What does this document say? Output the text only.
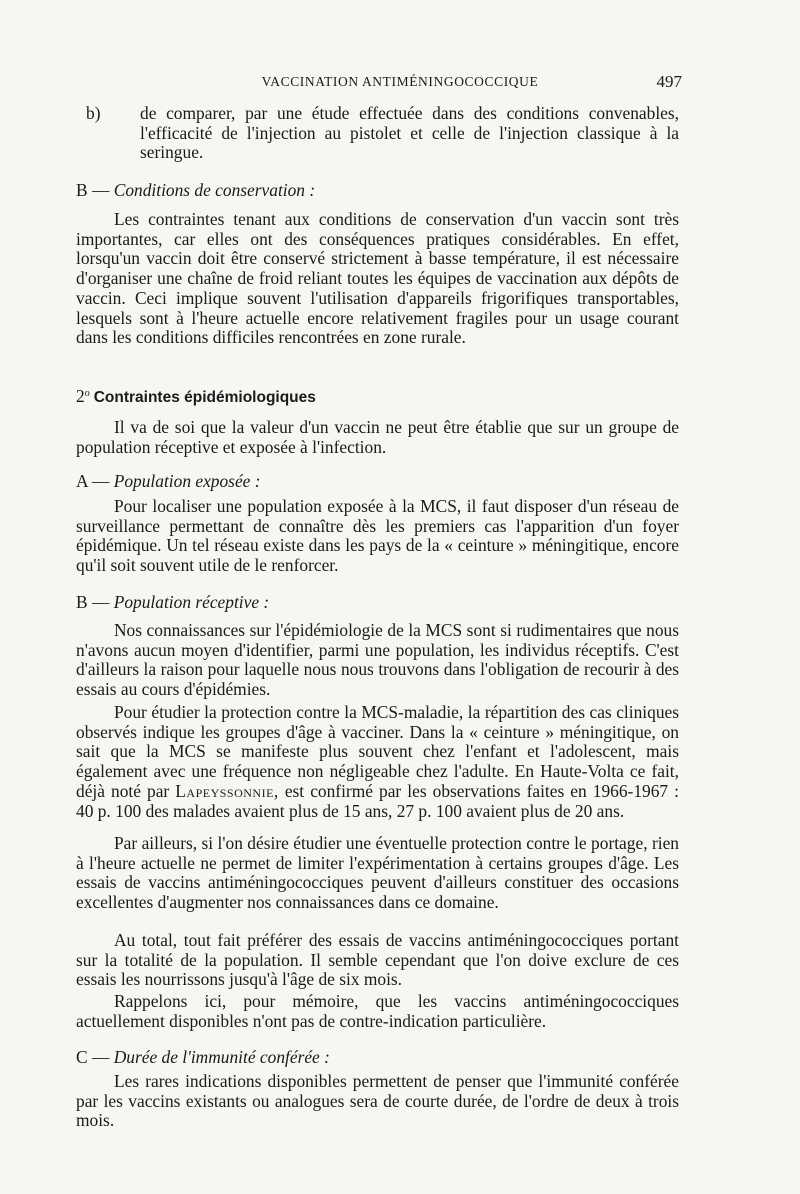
VACCINATION ANTIMÉNINGOCOCCIQUE	497

b) de comparer, par une étude effectuée dans des conditions convenables, l'efficacité de l'injection au pistolet et celle de l'injection classique à la seringue.

B — Conditions de conservation :

Les contraintes tenant aux conditions de conservation d'un vaccin sont très importantes, car elles ont des conséquences pratiques considérables. En effet, lorsqu'un vaccin doit être conservé strictement à basse température, il est nécessaire d'organiser une chaîne de froid reliant toutes les équipes de vaccination aux dépôts de vaccin. Ceci implique souvent l'utilisation d'appareils frigorifiques transportables, lesquels sont à l'heure actuelle encore relativement fragiles pour un usage courant dans les conditions difficiles rencontrées en zone rurale.

2$^o$ Contraintes épidémiologiques

Il va de soi que la valeur d'un vaccin ne peut être établie que sur un groupe de population réceptive et exposée à l'infection.

A — Population exposée :

Pour localiser une population exposée à la MCS, il faut disposer d'un réseau de surveillance permettant de connaître dès les premiers cas l'apparition d'un foyer épidémique. Un tel réseau existe dans les pays de la « ceinture » méningitique, encore qu'il soit souvent utile de le renforcer.

B — Population réceptive :

Nos connaissances sur l'épidémiologie de la MCS sont si rudimentaires que nous n'avons aucun moyen d'identifier, parmi une population, les individus réceptifs. C'est d'ailleurs la raison pour laquelle nous nous trouvons dans l'obligation de recourir à des essais au cours d'épidémies.

Pour étudier la protection contre la MCS-maladie, la répartition des cas cliniques observés indique les groupes d'âge à vacciner. Dans la « ceinture » méningitique, on sait que la MCS se manifeste plus souvent chez l'enfant et l'adolescent, mais également avec une fréquence non négligeable chez l'adulte. En Haute-Volta ce fait, déjà noté par Lapeyssonnie, est confirmé par les observations faites en 1966-1967 : 40 p. 100 des malades avaient plus de 15 ans, 27 p. 100 avaient plus de 20 ans.

Par ailleurs, si l'on désire étudier une éventuelle protection contre le portage, rien à l'heure actuelle ne permet de limiter l'expérimentation à certains groupes d'âge. Les essais de vaccins antiméningococciques peuvent d'ailleurs constituer des occasions excellentes d'augmenter nos connaissances dans ce domaine.

Au total, tout fait préférer des essais de vaccins antiméningococciques portant sur la totalité de la population. Il semble cependant que l'on doive exclure de ces essais les nourrissons jusqu'à l'âge de six mois.

Rappelons ici, pour mémoire, que les vaccins antiméningococciques actuellement disponibles n'ont pas de contre-indication particulière.

C — Durée de l'immunité conférée :

Les rares indications disponibles permettent de penser que l'immunité conférée par les vaccins existants ou analogues sera de courte durée, de l'ordre de deux à trois mois.
